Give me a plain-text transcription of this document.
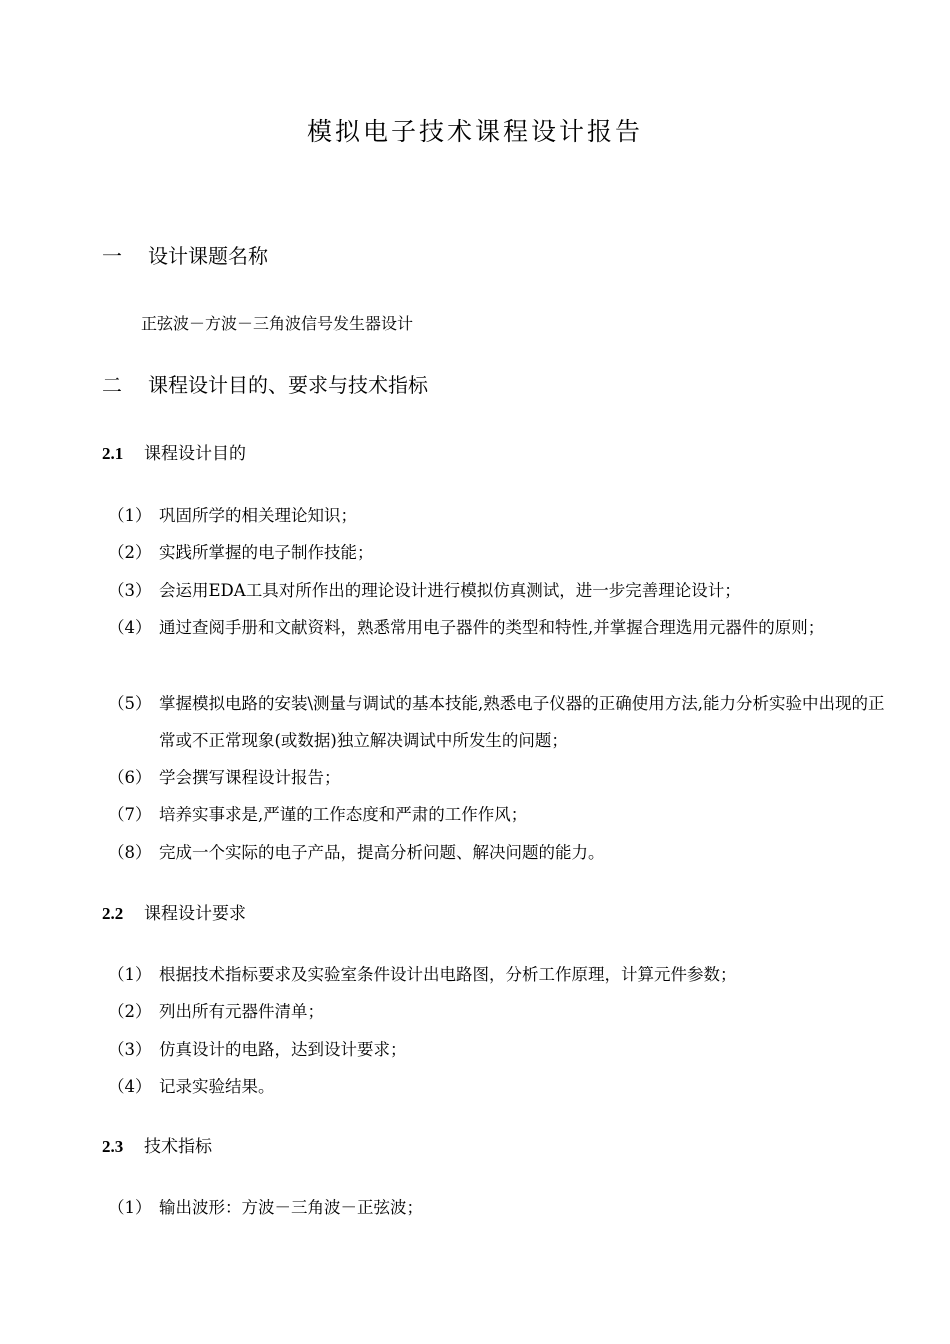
模拟电子技术课程设计报告
一 设计课题名称
正弦波－方波－三角波信号发生器设计
二 课程设计目的、要求与技术指标
2.1 课程设计目的
（1） 巩固所学的相关理论知识；
（2） 实践所掌握的电子制作技能；
（3） 会运用EDA工具对所作出的理论设计进行模拟仿真测试，进一步完善理论设计；
（4） 通过查阅手册和文献资料，熟悉常用电子器件的类型和特性,并掌握合理选用元器件的原则；
（5） 掌握模拟电路的安装\测量与调试的基本技能,熟悉电子仪器的正确使用方法,能力分析实验中出现的正常或不正常现象(或数据)独立解决调试中所发生的问题；
（6） 学会撰写课程设计报告；
（7） 培养实事求是,严谨的工作态度和严肃的工作作风；
（8） 完成一个实际的电子产品，提高分析问题、解决问题的能力。
2.2 课程设计要求
（1） 根据技术指标要求及实验室条件设计出电路图，分析工作原理，计算元件参数；
（2） 列出所有元器件清单；
（3） 仿真设计的电路，达到设计要求；
（4） 记录实验结果。
2.3 技术指标
（1） 输出波形：方波－三角波－正弦波；
